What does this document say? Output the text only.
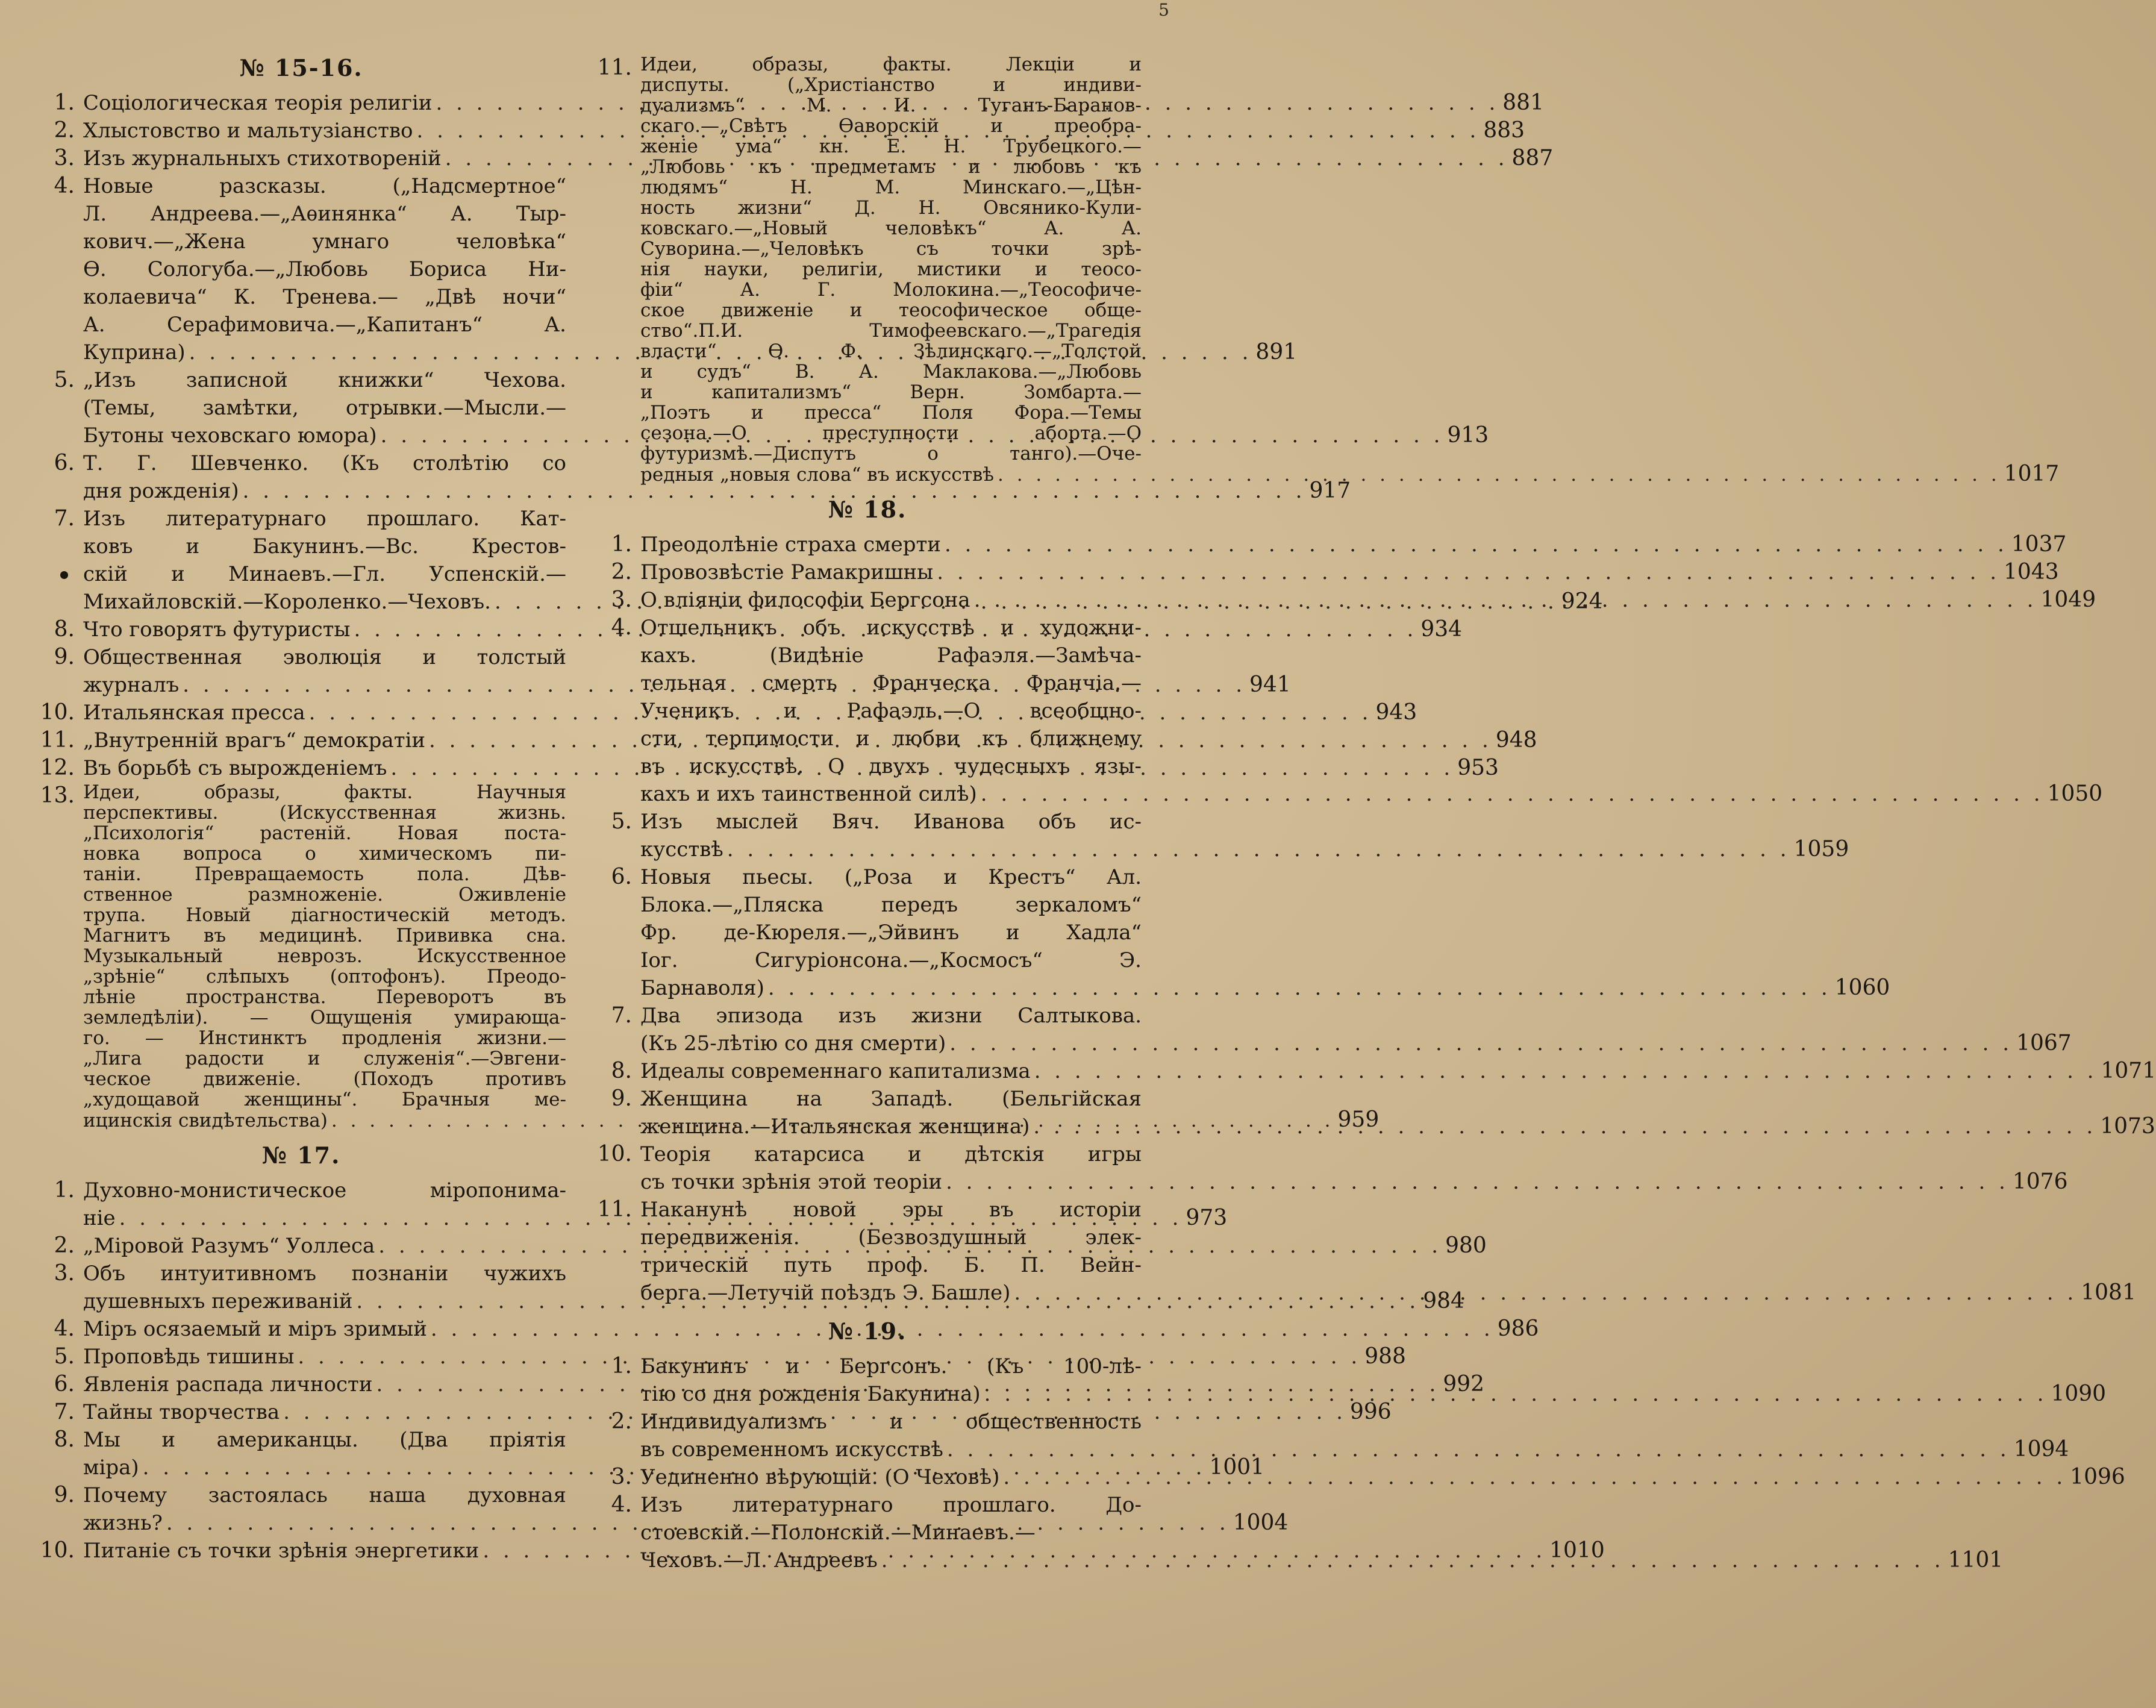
5
№ 15-16.
1. Соціологическая теорія религіи . . .	881
2. Хлыстовство и мальтузіанство . . .	883
3. Изъ журнальныхъ стихотвореній . . .	887
4. Новые разсказы. („Надсмертное“
Л. Андреева.—„Аѳинянка“ А. Тыр-
кович.—„Жена умнаго человѣка“
Ѳ. Сологуба.—„Любовь Бориса Ни-
колаевича“ К. Тренева.— „Двѣ ночи“
А. Серафимовича.—„Капитанъ“ А.
Куприна) . . .	891
5. „Изъ записной книжки“ Чехова.
(Темы, замѣтки, отрывки.—Мысли.—
Бутоны чеховскаго юмора) . . .	913
6. Т. Г. Шевченко. (Къ столѣтію со
дня рожденія) . . .	917
7. Изъ литературнаго прошлаго. Кат-
ковъ и Бакунинъ.—Вс. Крестов-
скій и Минаевъ.—Гл. Успенскій.—
Михайловскій.—Короленко.—Чеховъ. . . .	924
8. Что говорятъ футуристы . . .	934
9. Общественная эволюція и толстый
журналъ . . .	941
10. Итальянская пресса . . .	943
11. „Внутренній врагъ“ демократіи . . .	948
12. Въ борьбѣ съ вырожденіемъ . . .	953
13. Идеи, образы, факты. Научныя
перспективы. (Искусственная жизнь.
„Психологія“ растеній. Новая поста-
новка вопроса о химическомъ пи-
таніи. Превращаемость пола. Дѣв-
ственное размноженіе. Оживленіе
трупа. Новый діагностическій методъ.
Магнитъ въ медицинѣ. Прививка сна.
Музыкальный неврозъ. Искусственное
„зрѣніе“ слѣпыхъ (оптофонъ). Преодо-
лѣніе пространства. Переворотъ въ
земледѣліи). — Ощущенія умирающа-
го. — Инстинктъ продленія жизни.—
„Лига радости и служенія“.—Эвгени-
ческое движеніе. (Походъ противъ
„худощавой женщины“. Брачныя ме-
ицинскія свидѣтельства) . . .	959
№ 17.
1. Духовно-монистическое міропонима-
ніе . . .	973
2. „Міровой Разумъ“ Уоллеса . . .	980
3. Объ интуитивномъ познаніи чужихъ
душевныхъ переживаній . . .	984
4. Міръ осязаемый и міръ зримый . . .	986
5. Проповѣдь тишины . . .	988
6. Явленія распада личности . . .	992
7. Тайны творчества . . .	996
8. Мы и американцы. (Два пріятія
міра) . . .	1001
9. Почему застоялась наша духовная
жизнь? . . .	1004
10. Питаніе съ точки зрѣнія энергетики . . .	1010
11. Идеи, образы, факты. Лекціи и
диспуты. („Христіанство и индиви-
дуализмъ“ М. И. Туганъ-Баранов-
скаго.—„Свѣтъ Ѳаворскій и преобра-
женіе ума“ кн. Е. Н. Трубецкого.—
„Любовь къ предметамъ и любовь къ
людямъ“ Н. М. Минскаго.—„Цѣн-
ность жизни“ Д. Н. Овсянико-Кули-
ковскаго.—„Новый человѣкъ“ А. А.
Суворина.—„Человѣкъ съ точки зрѣ-
нія науки, религіи, мистики и теосо-
фіи“ А. Г. Молокина.—„Теософиче-
ское движеніе и теософическое обще-
ство“.П.И. Тимофеевскаго.—„Трагедія
власти“ Ѳ. Ф. Зѣлинскаго.—„Толстой
и судъ“ В. А. Маклакова.—„Любовь
и капитализмъ“ Верн. Зомбарта.—
„Поэтъ и пресса“ Поля Фора.—Темы
сезона.—О преступности аборта.—О
футуризмѣ.—Диспутъ о танго).—Оче-
редныя „новыя слова“ въ искусствѣ . . .	1017
№ 18.
1. Преодолѣніе страха смерти . . .	1037
2. Провозвѣстіе Рамакришны . . .	1043
3. О вліяніи философіи Бергсона . . .	1049
4. Отшельникъ объ искусствѣ и художни-
кахъ. (Видѣніе Рафаэля.—Замѣча-
тельная смерть Франческа Франчіа.—
Ученикъ и Рафаэль.—О всеобщно-
сти, терпимости и любви къ ближнему
въ искусствѣ. О двухъ чудесныхъ язы-
кахъ и ихъ таинственной силѣ) . . .	1050
5. Изъ мыслей Вяч. Иванова объ ис-
кусствѣ . . .	1059
6. Новыя пьесы. („Роза и Крестъ“ Ал.
Блока.—„Пляска передъ зеркаломъ“
Фр. де-Кюреля.—„Эйвинъ и Хадла“
Іог. Сигуріонсона.—„Космосъ“ Э.
Барнаволя) . . .	1060
7. Два эпизода изъ жизни Салтыкова.
(Къ 25-лѣтію со дня смерти) . . .	1067
8. Идеалы современнаго капитализма . . .	1071
9. Женщина на Западѣ. (Бельгійская
женщина.—Итальянская женщина) . . .	1073
10. Теорія катарсиса и дѣтскія игры
съ точки зрѣнія этой теоріи . . .	1076
11. Наканунѣ новой эры въ исторіи
передвиженія. (Безвоздушный элек-
трическій путь проф. Б. П. Вейн-
берга.—Летучій поѣздъ Э. Башле) . . .	1081
№ 19.
1. Бакунинъ и Бергсонъ. (Къ 100-лѣ-
тію со дня рожденія Бакунина) . . .	1090
2. Индивидуализмъ и общественность
въ современномъ искусствѣ . . .	1094
3. Уединенно вѣрующій. (О Чеховѣ) . . .	1096
4. Изъ литературнаго прошлаго. До-
стоевскій.—Полонскій.—Минаевъ.—
Чеховъ.—Л. Андреевъ . . .	1101
